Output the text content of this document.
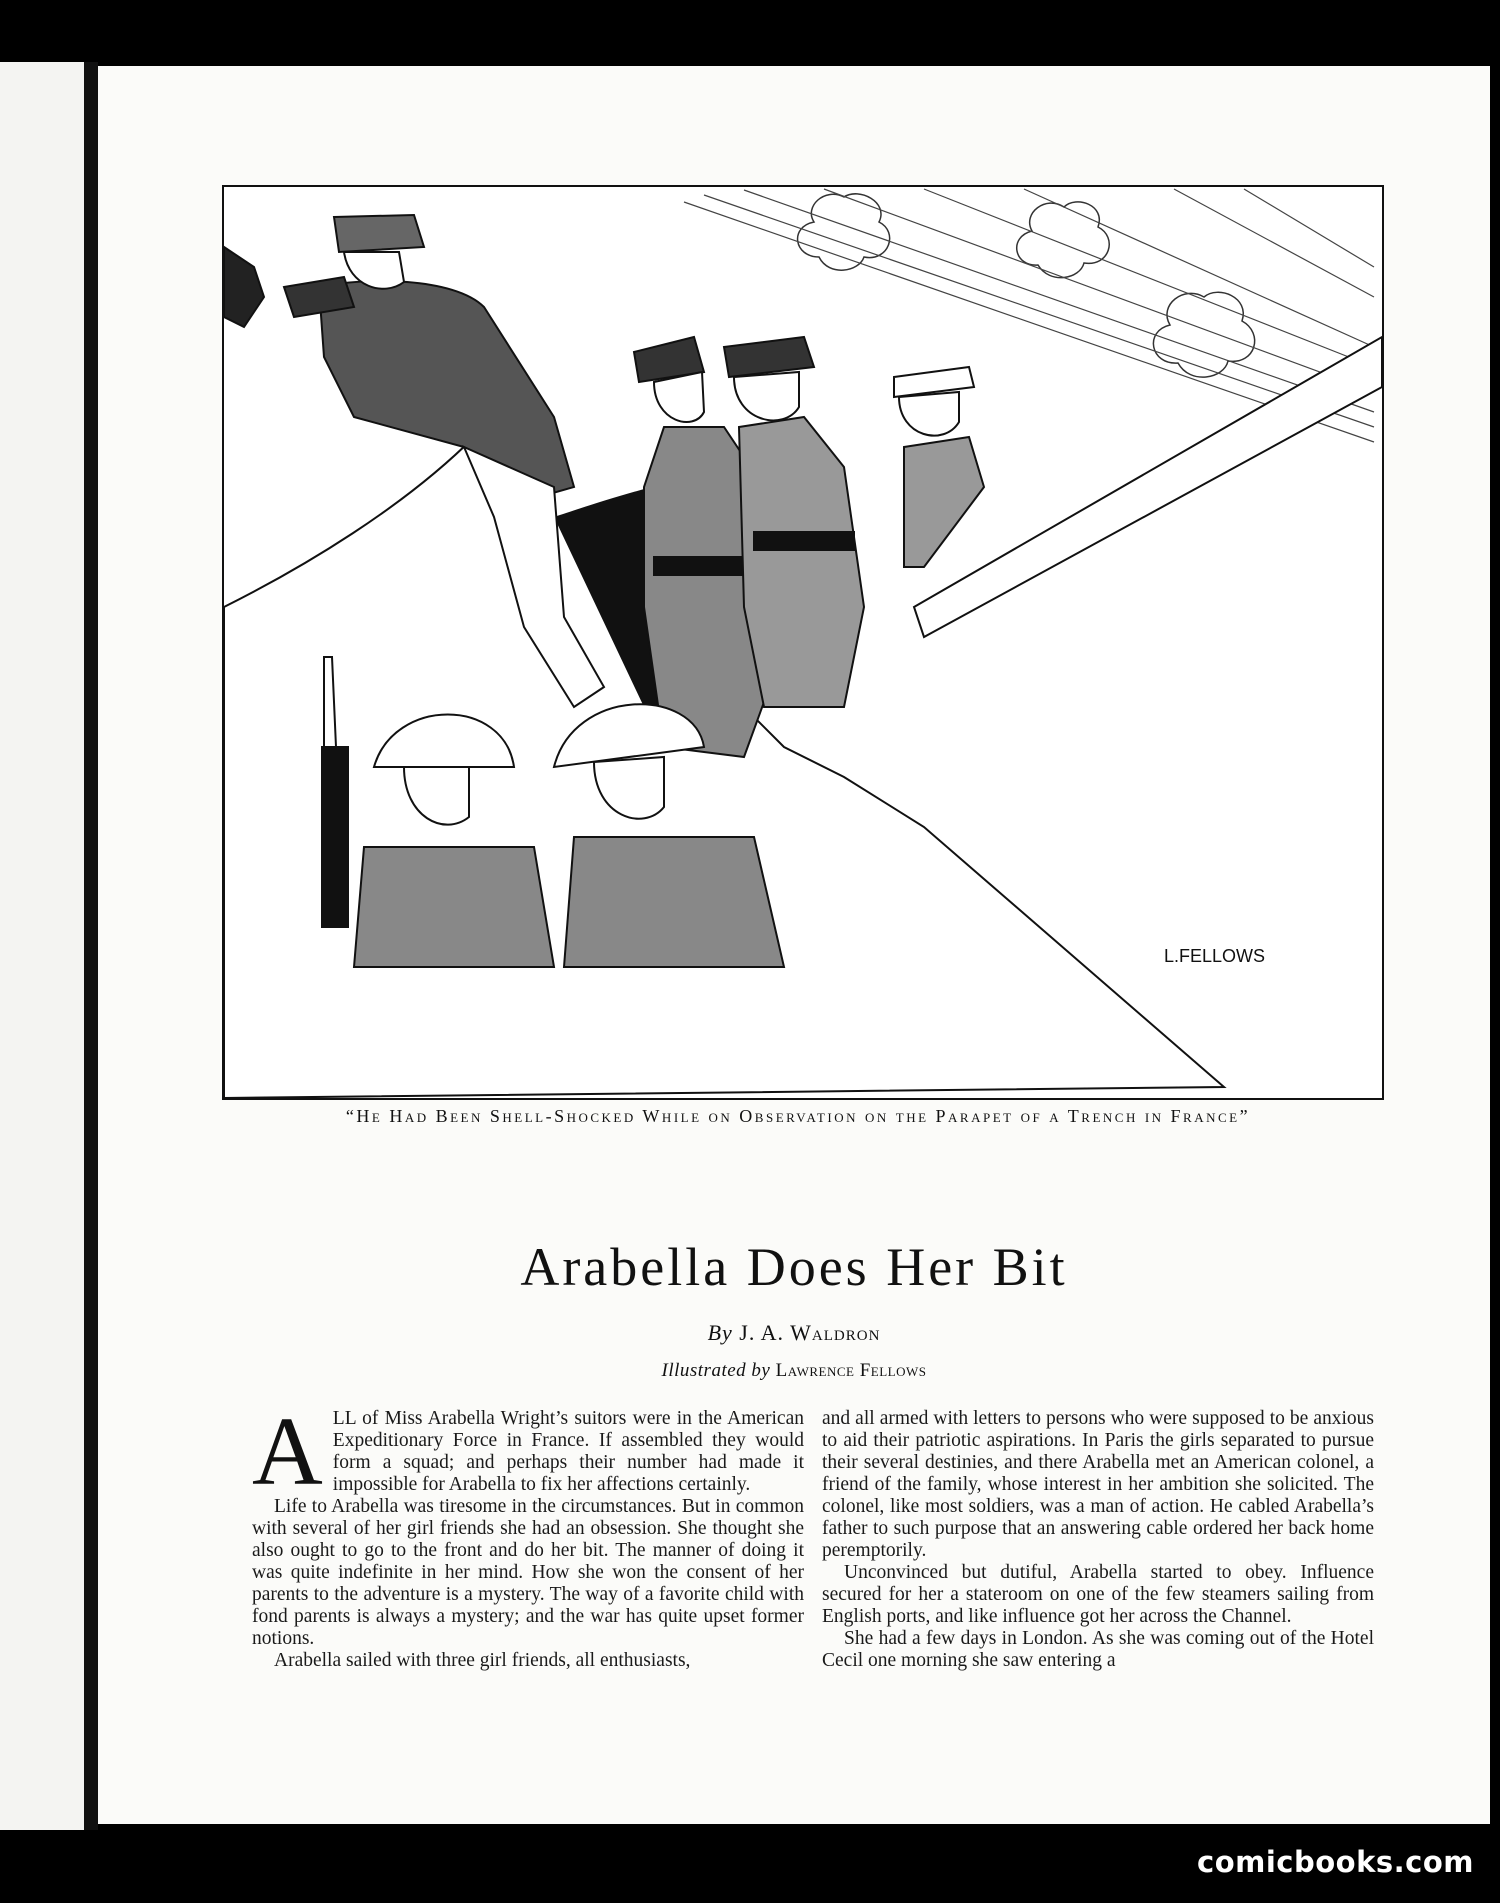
L.FELLOWS
“He Had Been Shell-Shocked While on Observation on the Parapet of a Trench in France”
Arabella Does Her Bit
By J. A. Waldron
Illustrated by Lawrence Fellows

ALL of Miss Arabella Wright’s suitors were in the American Expeditionary Force in France. If assembled they would form a squad; and perhaps their number had made it impossible for Arabella to fix her affections certainly.

Life to Arabella was tiresome in the circumstances. But in common with several of her girl friends she had an obsession. She thought she also ought to go to the front and do her bit. The manner of doing it was quite indefinite in her mind. How she won the consent of her parents to the adventure is a mystery. The way of a favorite child with fond parents is always a mystery; and the war has quite upset former notions.

Arabella sailed with three girl friends, all enthusiasts,

and all armed with letters to persons who were supposed to be anxious to aid their patriotic aspirations. In Paris the girls separated to pursue their several destinies, and there Arabella met an American colonel, a friend of the family, whose interest in her ambition she solicited. The colonel, like most soldiers, was a man of action. He cabled Arabella’s father to such purpose that an answering cable ordered her back home peremptorily.

Unconvinced but dutiful, Arabella started to obey. Influence secured for her a stateroom on one of the few steamers sailing from English ports, and like influence got her across the Channel.

She had a few days in London. As she was coming out of the Hotel Cecil one morning she saw entering a

comicbooks.com
